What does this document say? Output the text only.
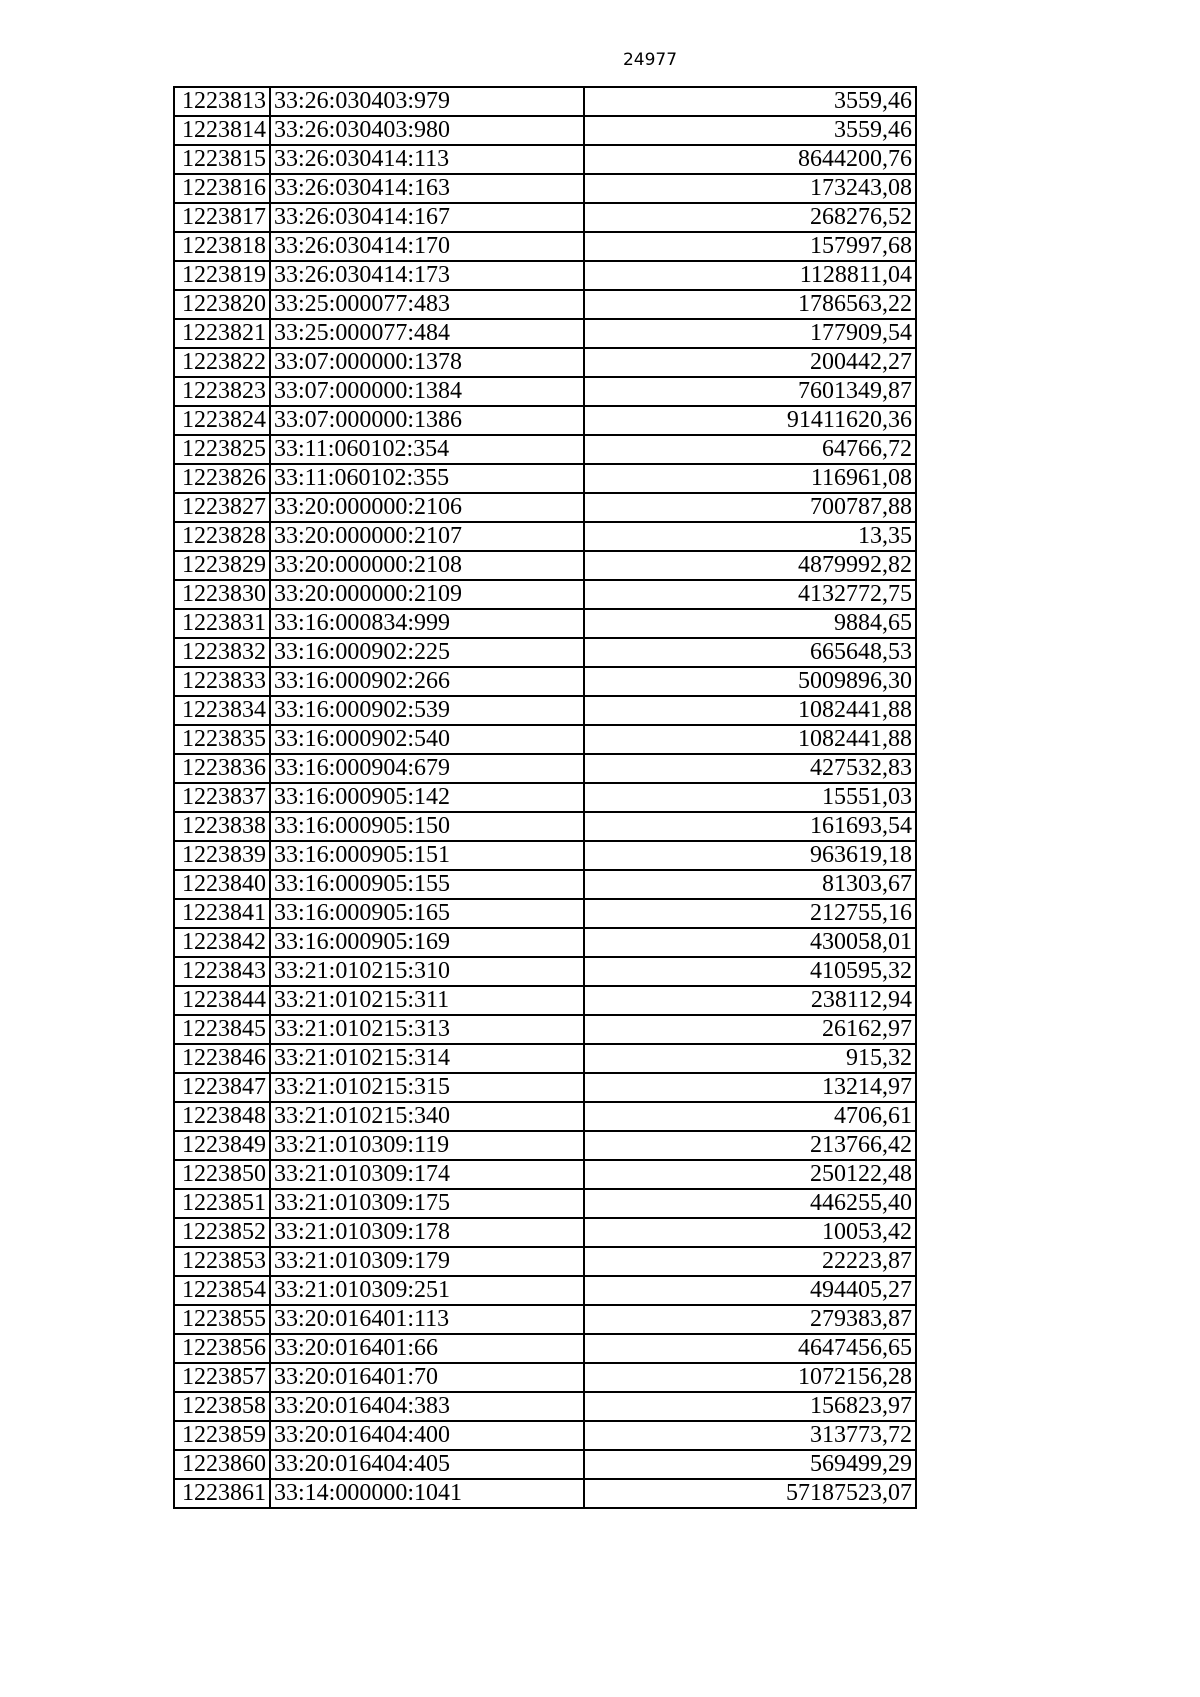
24977
1223813	33:26:030403:979	3559,46
1223814	33:26:030403:980	3559,46
1223815	33:26:030414:113	8644200,76
1223816	33:26:030414:163	173243,08
1223817	33:26:030414:167	268276,52
1223818	33:26:030414:170	157997,68
1223819	33:26:030414:173	1128811,04
1223820	33:25:000077:483	1786563,22
1223821	33:25:000077:484	177909,54
1223822	33:07:000000:1378	200442,27
1223823	33:07:000000:1384	7601349,87
1223824	33:07:000000:1386	91411620,36
1223825	33:11:060102:354	64766,72
1223826	33:11:060102:355	116961,08
1223827	33:20:000000:2106	700787,88
1223828	33:20:000000:2107	13,35
1223829	33:20:000000:2108	4879992,82
1223830	33:20:000000:2109	4132772,75
1223831	33:16:000834:999	9884,65
1223832	33:16:000902:225	665648,53
1223833	33:16:000902:266	5009896,30
1223834	33:16:000902:539	1082441,88
1223835	33:16:000902:540	1082441,88
1223836	33:16:000904:679	427532,83
1223837	33:16:000905:142	15551,03
1223838	33:16:000905:150	161693,54
1223839	33:16:000905:151	963619,18
1223840	33:16:000905:155	81303,67
1223841	33:16:000905:165	212755,16
1223842	33:16:000905:169	430058,01
1223843	33:21:010215:310	410595,32
1223844	33:21:010215:311	238112,94
1223845	33:21:010215:313	26162,97
1223846	33:21:010215:314	915,32
1223847	33:21:010215:315	13214,97
1223848	33:21:010215:340	4706,61
1223849	33:21:010309:119	213766,42
1223850	33:21:010309:174	250122,48
1223851	33:21:010309:175	446255,40
1223852	33:21:010309:178	10053,42
1223853	33:21:010309:179	22223,87
1223854	33:21:010309:251	494405,27
1223855	33:20:016401:113	279383,87
1223856	33:20:016401:66	4647456,65
1223857	33:20:016401:70	1072156,28
1223858	33:20:016404:383	156823,97
1223859	33:20:016404:400	313773,72
1223860	33:20:016404:405	569499,29
1223861	33:14:000000:1041	57187523,07
